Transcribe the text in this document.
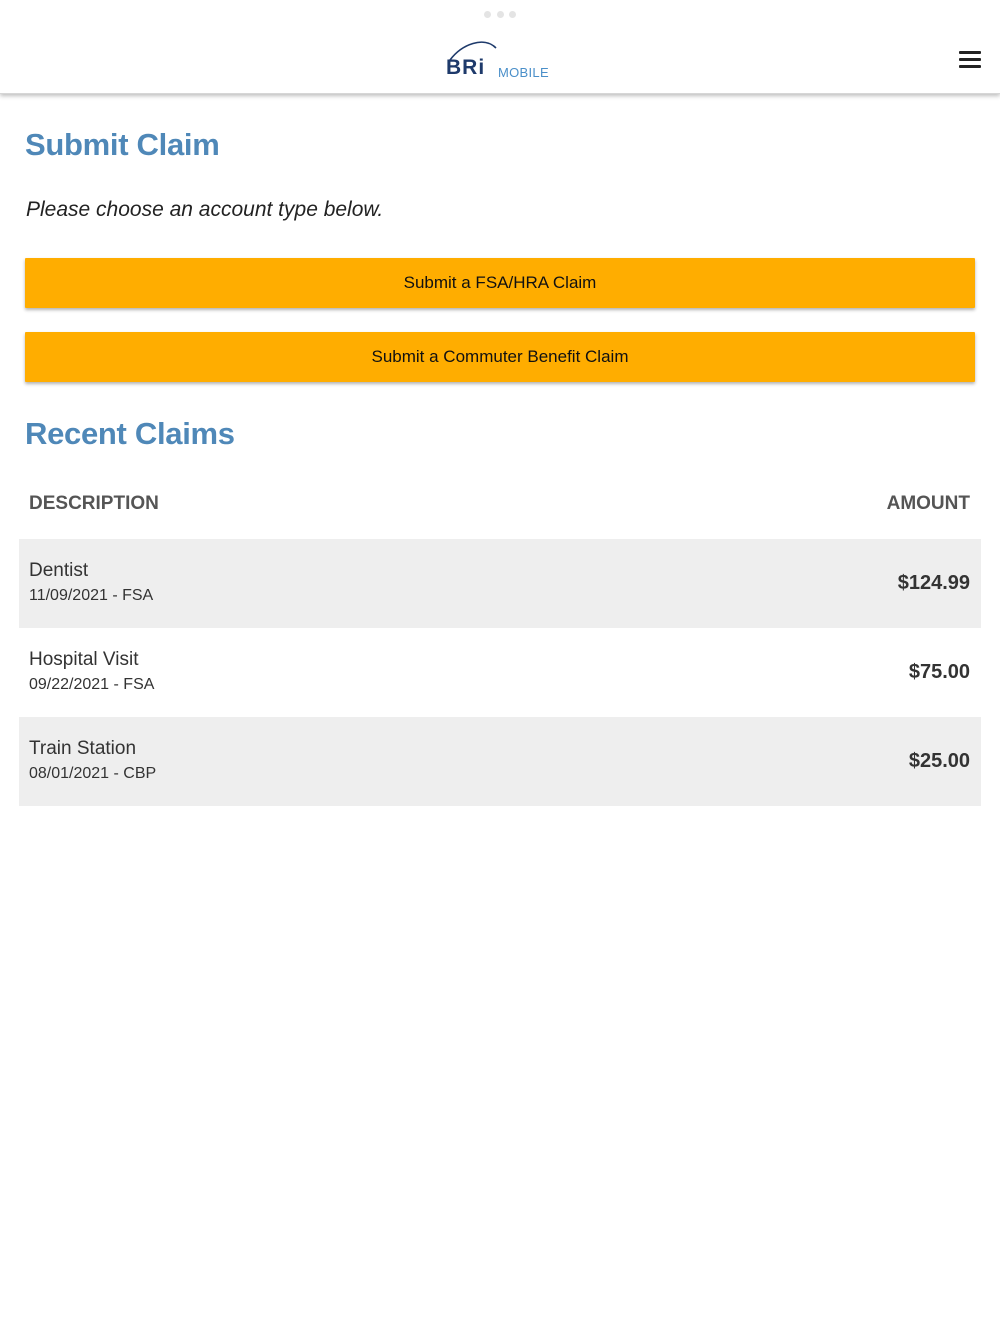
BRi MOBILE
Submit Claim

Please choose an account type below.

Submit a FSA/HRA Claim
Submit a Commuter Benefit Claim
Recent Claims
DESCRIPTION	AMOUNT
Dentist
11/09/2021 - FSA
$124.99
Hospital Visit
09/22/2021 - FSA
$75.00
Train Station
08/01/2021 - CBP
$25.00
